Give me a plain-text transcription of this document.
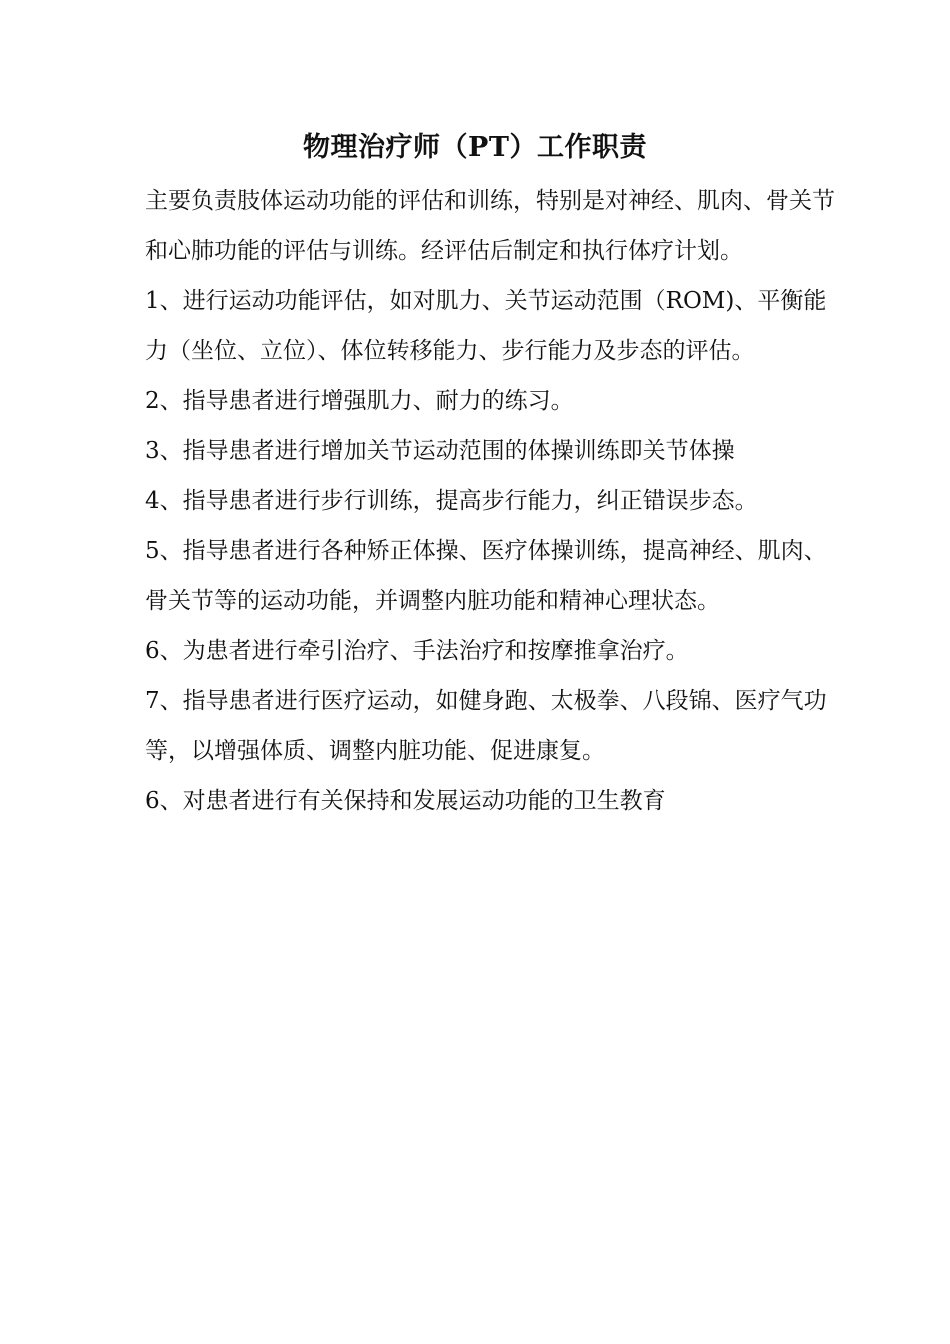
物理治疗师（PT）工作职责

主要负责肢体运动功能的评估和训练，特别是对神经、肌肉、骨关节和心肺功能的评估与训练。经评估后制定和执行体疗计划。

1、进行运动功能评估，如对肌力、关节运动范围（ROM)、平衡能力（坐位、立位）、体位转移能力、步行能力及步态的评估。

2、指导患者进行增强肌力、耐力的练习。

3、指导患者进行增加关节运动范围的体操训练即关节体操

4、指导患者进行步行训练，提高步行能力，纠正错误步态。

5、指导患者进行各种矫正体操、医疗体操训练，提高神经、肌肉、骨关节等的运动功能，并调整内脏功能和精神心理状态。

6、为患者进行牵引治疗、手法治疗和按摩推拿治疗。

7、指导患者进行医疗运动，如健身跑、太极拳、八段锦、医疗气功等，以增强体质、调整内脏功能、促进康复。

6、对患者进行有关保持和发展运动功能的卫生教育
